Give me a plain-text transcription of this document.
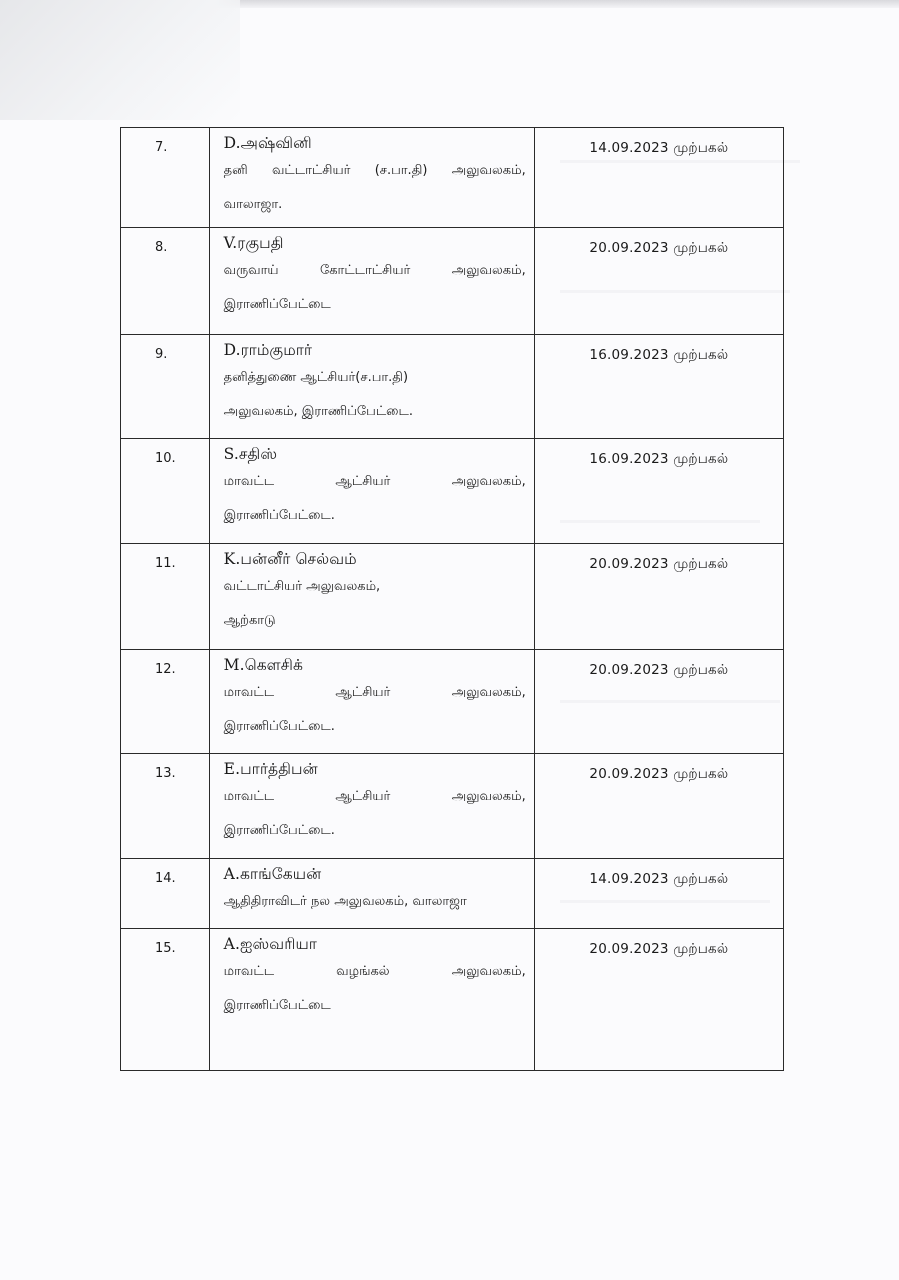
7.	D.அஷ்வினி
தனி வட்டாட்சியர் (ச.பா.தி) அலுவலகம்,
வாலாஜா.	14.09.2023 முற்பகல்

8.	V.ரகுபதி
வருவாய் கோட்டாட்சியர் அலுவலகம்,
இராணிப்பேட்டை	20.09.2023 முற்பகல்

9.	D.ராம்குமார்
தனித்துணை ஆட்சியர்(ச.பா.தி)
அலுவலகம், இராணிப்பேட்டை.	16.09.2023 முற்பகல்

10.	S.சதிஸ்
மாவட்ட ஆட்சியர் அலுவலகம்,
இராணிப்பேட்டை.	16.09.2023 முற்பகல்

11.	K.பன்னீர் செல்வம்
வட்டாட்சியர் அலுவலகம்,
ஆற்காடு	20.09.2023 முற்பகல்

12.	M.கௌசிக்
மாவட்ட ஆட்சியர் அலுவலகம்,
இராணிப்பேட்டை.	20.09.2023 முற்பகல்

13.	E.பார்த்திபன்
மாவட்ட ஆட்சியர் அலுவலகம்,
இராணிப்பேட்டை.	20.09.2023 முற்பகல்

14.	A.காங்கேயன்
ஆதிதிராவிடர் நல அலுவலகம், வாலாஜா	14.09.2023 முற்பகல்

15.	A.ஐஸ்வரியா
மாவட்ட வழங்கல் அலுவலகம்,
இராணிப்பேட்டை	20.09.2023 முற்பகல்
